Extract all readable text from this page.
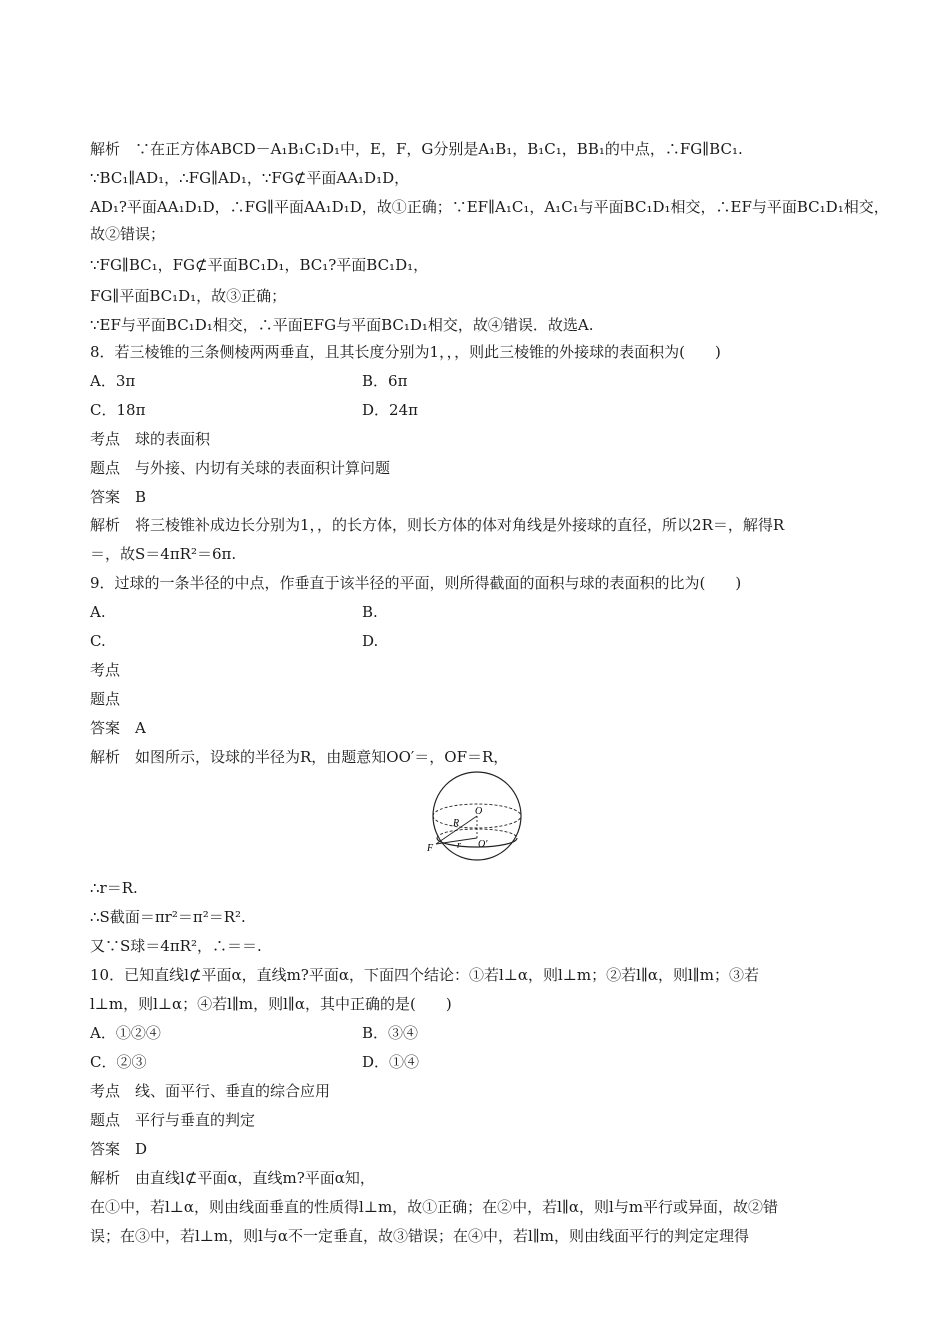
解析　∵在正方体ABCD－A₁B₁C₁D₁中，E，F，G分别是A₁B₁，B₁C₁，BB₁的中点，∴FG∥BC₁.
∵BC₁∥AD₁，∴FG∥AD₁，∵FG⊄平面AA₁D₁D，
AD₁?平面AA₁D₁D，∴FG∥平面AA₁D₁D，故①正确；∵EF∥A₁C₁，A₁C₁与平面BC₁D₁相交，∴EF与平面BC₁D₁相交，
故②错误；
∵FG∥BC₁，FG⊄平面BC₁D₁，BC₁?平面BC₁D₁，
FG∥平面BC₁D₁，故③正确；
∵EF与平面BC₁D₁相交，∴平面EFG与平面BC₁D₁相交，故④错误．故选A.
8．若三棱锥的三条侧棱两两垂直，且其长度分别为1，，，则此三棱锥的外接球的表面积为(　　)
A．3π	B．6π
C．18π	D．24π
考点　球的表面积
题点　与外接、内切有关球的表面积计算问题
答案　B
解析　将三棱锥补成边长分别为1，，的长方体，则长方体的体对角线是外接球的直径，所以2R＝，解得R
＝，故S＝4πR²＝6π.
9．过球的一条半径的中点，作垂直于该半径的平面，则所得截面的面积与球的表面积的比为(　　)
A.	B.
C.	D.
考点
题点
答案　A
解析　如图所示，设球的半径为R，由题意知OO′＝，OF＝R，
∴r＝R.
∴S截面＝πr²＝π²＝R².
又∵S球＝4πR²，∴＝＝.
10．已知直线l⊄平面α，直线m?平面α，下面四个结论：①若l⊥α，则l⊥m；②若l∥α，则l∥m；③若
l⊥m，则l⊥α；④若l∥m，则l∥α，其中正确的是(　　)
A．①②④	B．③④
C．②③	D．①④
考点　线、面平行、垂直的综合应用
题点　平行与垂直的判定
答案　D
解析　由直线l⊄平面α，直线m?平面α知，
在①中，若l⊥α，则由线面垂直的性质得l⊥m，故①正确；在②中，若l∥α，则l与m平行或异面，故②错
误；在③中，若l⊥m，则l与α不一定垂直，故③错误；在④中，若l∥m，则由线面平行的判定定理得
O
O′
R
r
F
